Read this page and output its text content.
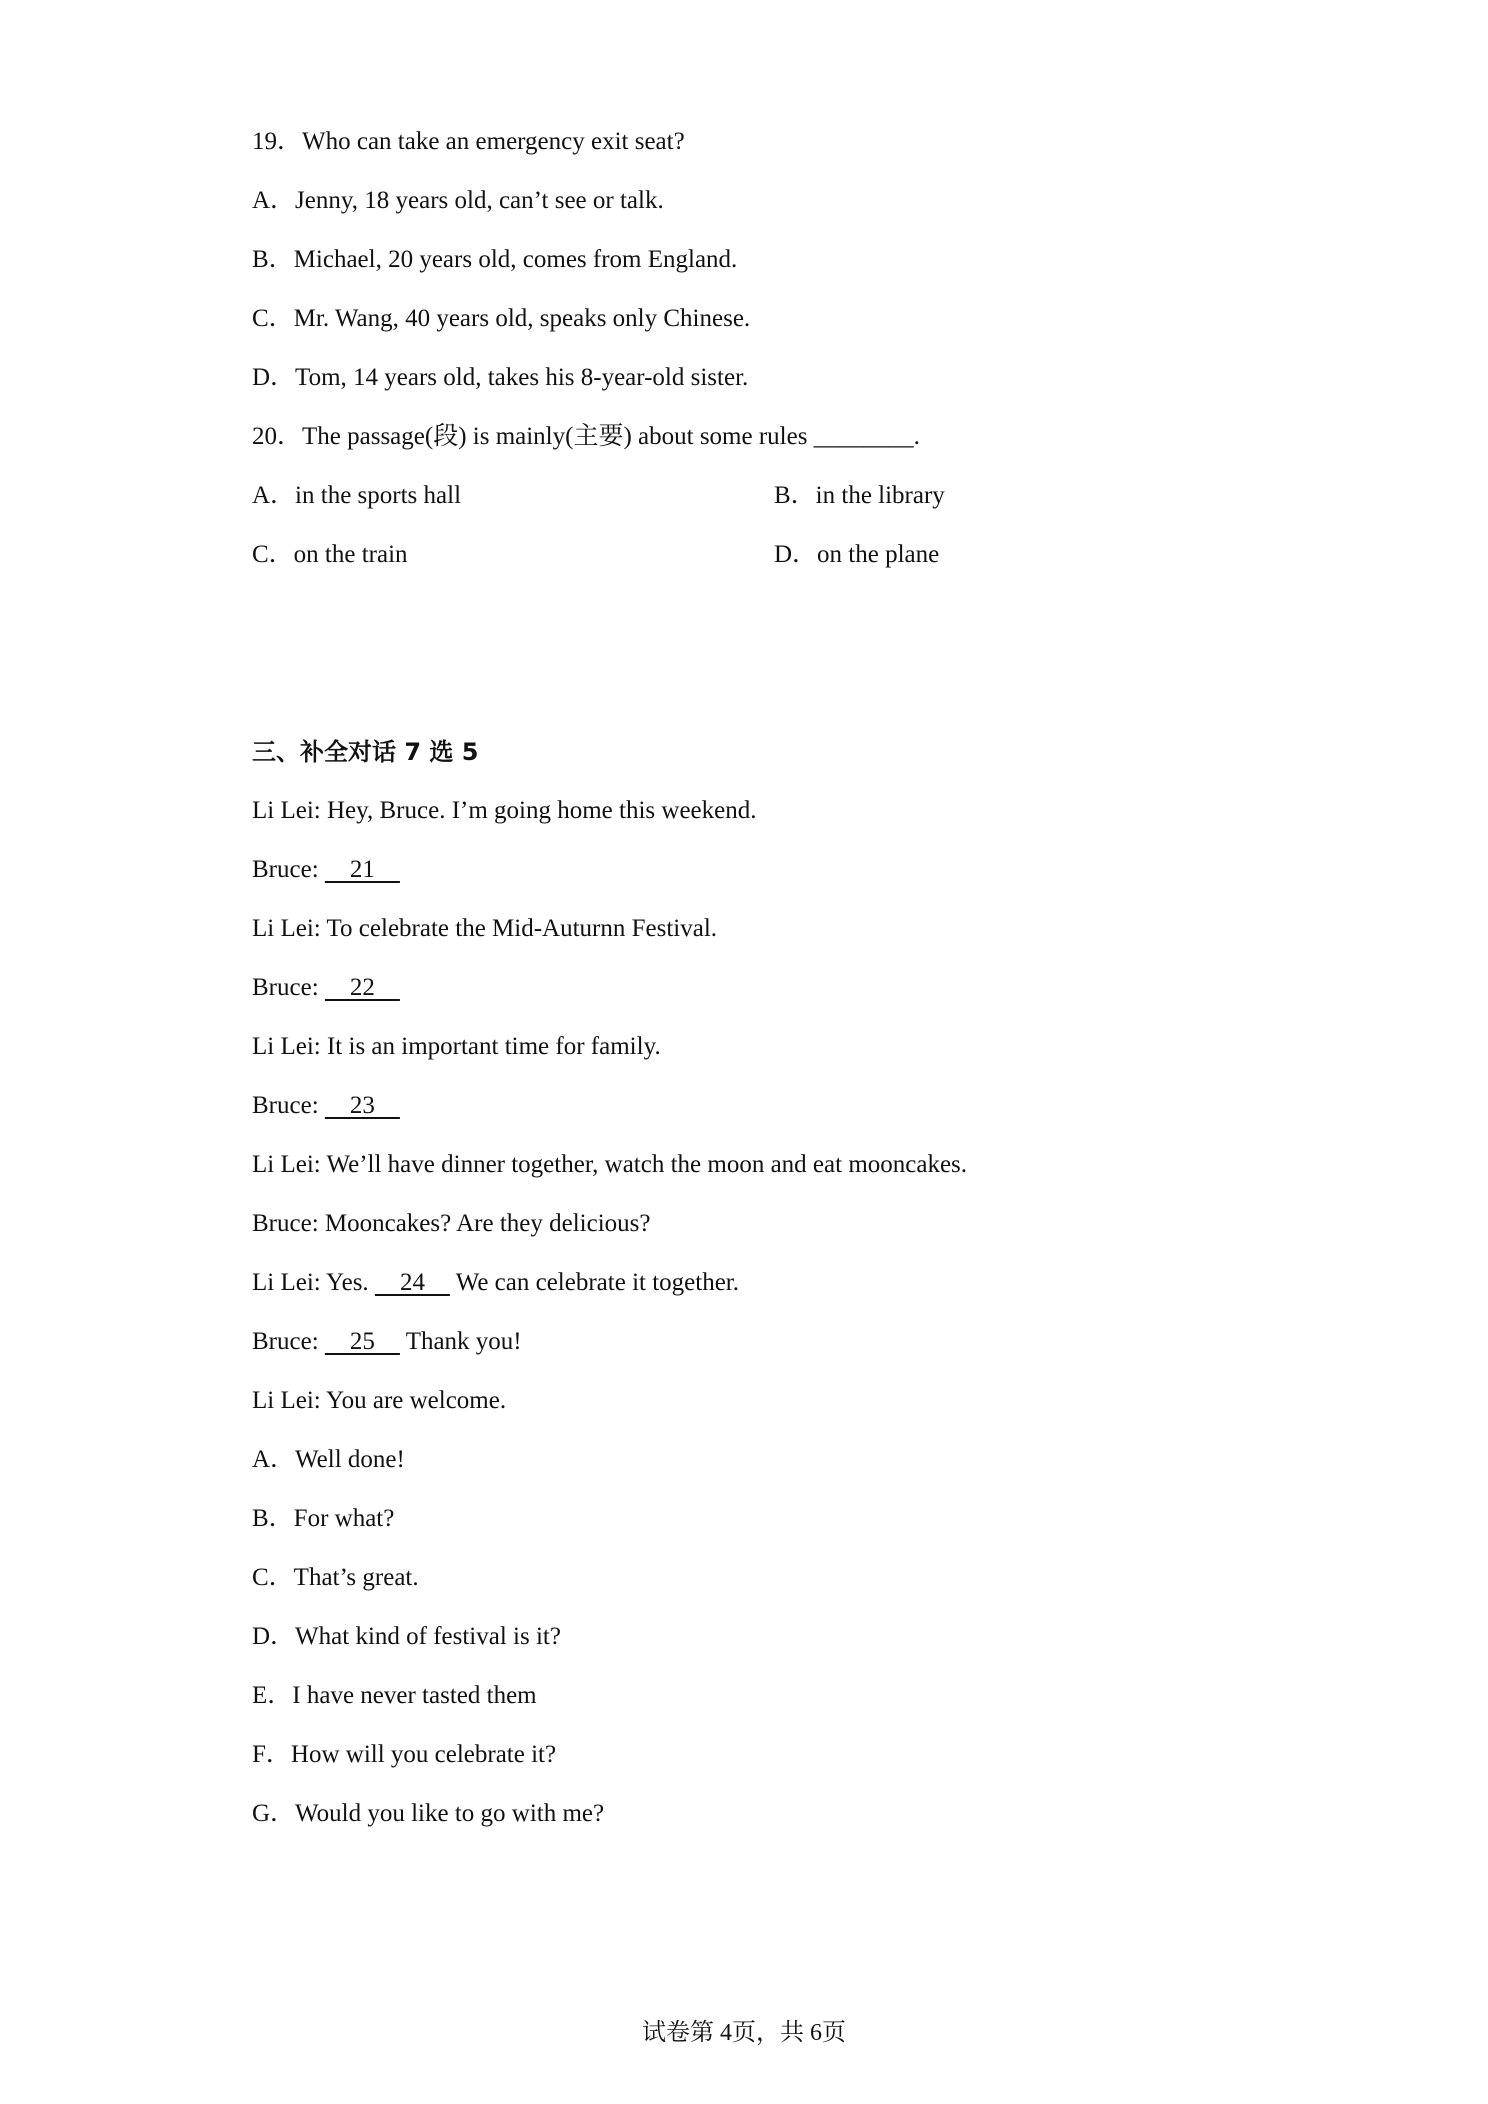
19．Who can take an emergency exit seat?
A．Jenny, 18 years old, can’t see or talk.
B．Michael, 20 years old, comes from England.
C．Mr. Wang, 40 years old, speaks only Chinese.
D．Tom, 14 years old, takes his 8-year-old sister.
20．The passage(段) is mainly(主要) about some rules ________.
A．in the sports hall	B．in the library
C．on the train	D．on the plane
三、补全对话 7 选 5
Li Lei: Hey, Bruce. I’m going home this weekend.
Bruce:     21
Li Lei: To celebrate the Mid-Auturnn Festival.
Bruce:     22
Li Lei: It is an important time for family.
Bruce:     23
Li Lei: We’ll have dinner together, watch the moon and eat mooncakes.
Bruce: Mooncakes? Are they delicious?
Li Lei: Yes.     24     We can celebrate it together.
Bruce:     25     Thank you!
Li Lei: You are welcome.
A．Well done!
B．For what?
C．That’s great.
D．What kind of festival is it?
E．I have never tasted them
F．How will you celebrate it?
G．Would you like to go with me?
试卷第 4页，共 6页
